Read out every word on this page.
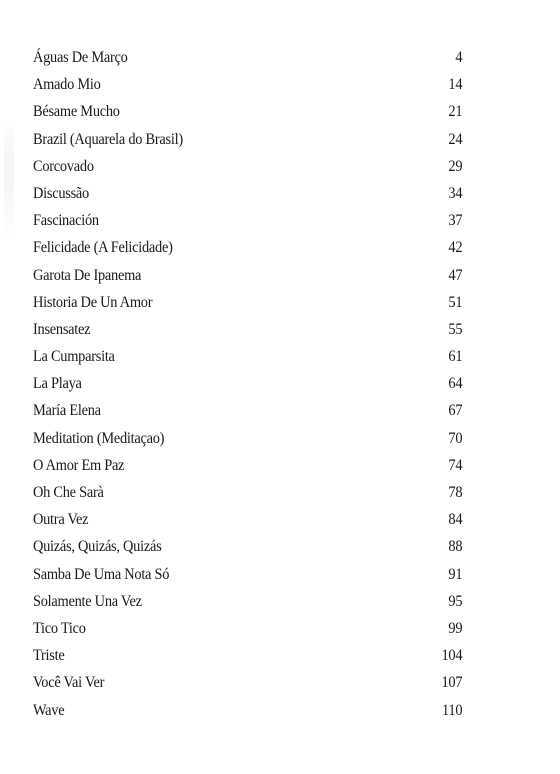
Águas De Março	4
Amado Mio	14
Bésame Mucho	21
Brazil (Aquarela do Brasil)	24
Corcovado	29
Discussão	34
Fascinación	37
Felicidade (A Felicidade)	42
Garota De Ipanema	47
Historia De Un Amor	51
Insensatez	55
La Cumparsita	61
La Playa	64
María Elena	67
Meditation (Meditaçao)	70
O Amor Em Paz	74
Oh Che Sarà	78
Outra Vez	84
Quizás, Quizás, Quizás	88
Samba De Uma Nota Só	91
Solamente Una Vez	95
Tico Tico	99
Triste	104
Você Vai Ver	107
Wave	110
